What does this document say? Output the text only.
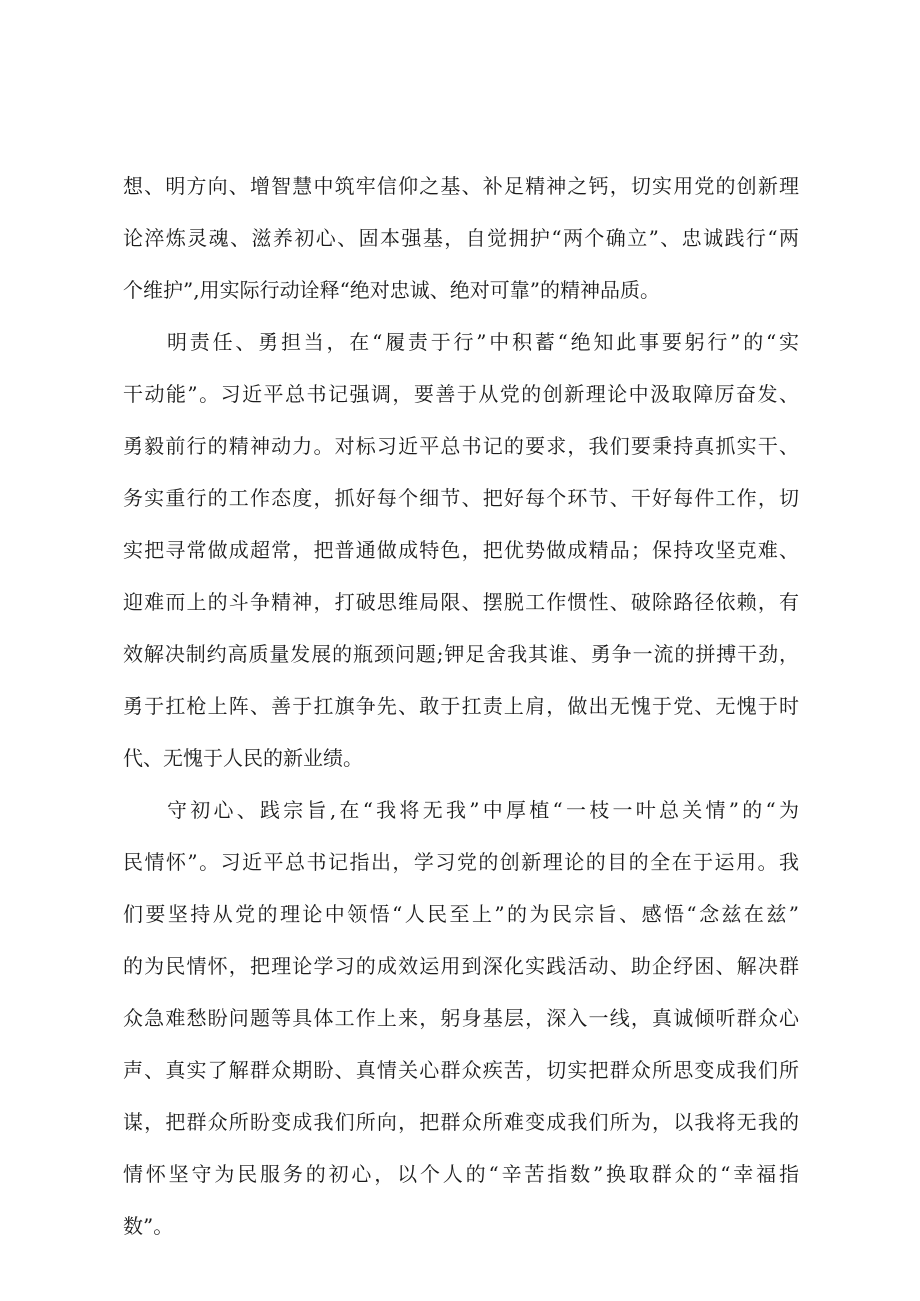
想、明方向、增智慧中筑牢信仰之基、补足精神之钙，切实用党的创新理

论淬炼灵魂、滋养初心、固本强基，自觉拥护“两个确立”、忠诚践行“两

个维护”,用实际行动诠释“绝对忠诚、绝对可靠”的精神品质。

明责任、勇担当，在“履责于行”中积蓄“绝知此事要躬行”的“实

干动能”。习近平总书记强调，要善于从党的创新理论中汲取障厉奋发、

勇毅前行的精神动力。对标习近平总书记的要求，我们要秉持真抓实干、

务实重行的工作态度，抓好每个细节、把好每个环节、干好每件工作，切

实把寻常做成超常，把普通做成特色，把优势做成精品；保持攻坚克难、

迎难而上的斗争精神，打破思维局限、摆脱工作惯性、破除路径依赖，有

效解决制约高质量发展的瓶颈问题;钾足舍我其谁、勇争一流的拼搏干劲，

勇于扛枪上阵、善于扛旗争先、敢于扛责上肩，做出无愧于党、无愧于时

代、无愧于人民的新业绩。

守初心、践宗旨,在“我将无我”中厚植“一枝一叶总关情”的“为

民情怀”。习近平总书记指出，学习党的创新理论的目的全在于运用。我

们要坚持从党的理论中领悟“人民至上”的为民宗旨、感悟“念兹在兹”

的为民情怀，把理论学习的成效运用到深化实践活动、助企纾困、解决群

众急难愁盼问题等具体工作上来，躬身基层，深入一线，真诚倾听群众心

声、真实了解群众期盼、真情关心群众疾苦，切实把群众所思变成我们所

谋，把群众所盼变成我们所向，把群众所难变成我们所为，以我将无我的

情怀坚守为民服务的初心，以个人的“辛苦指数”换取群众的“幸福指

数”。
